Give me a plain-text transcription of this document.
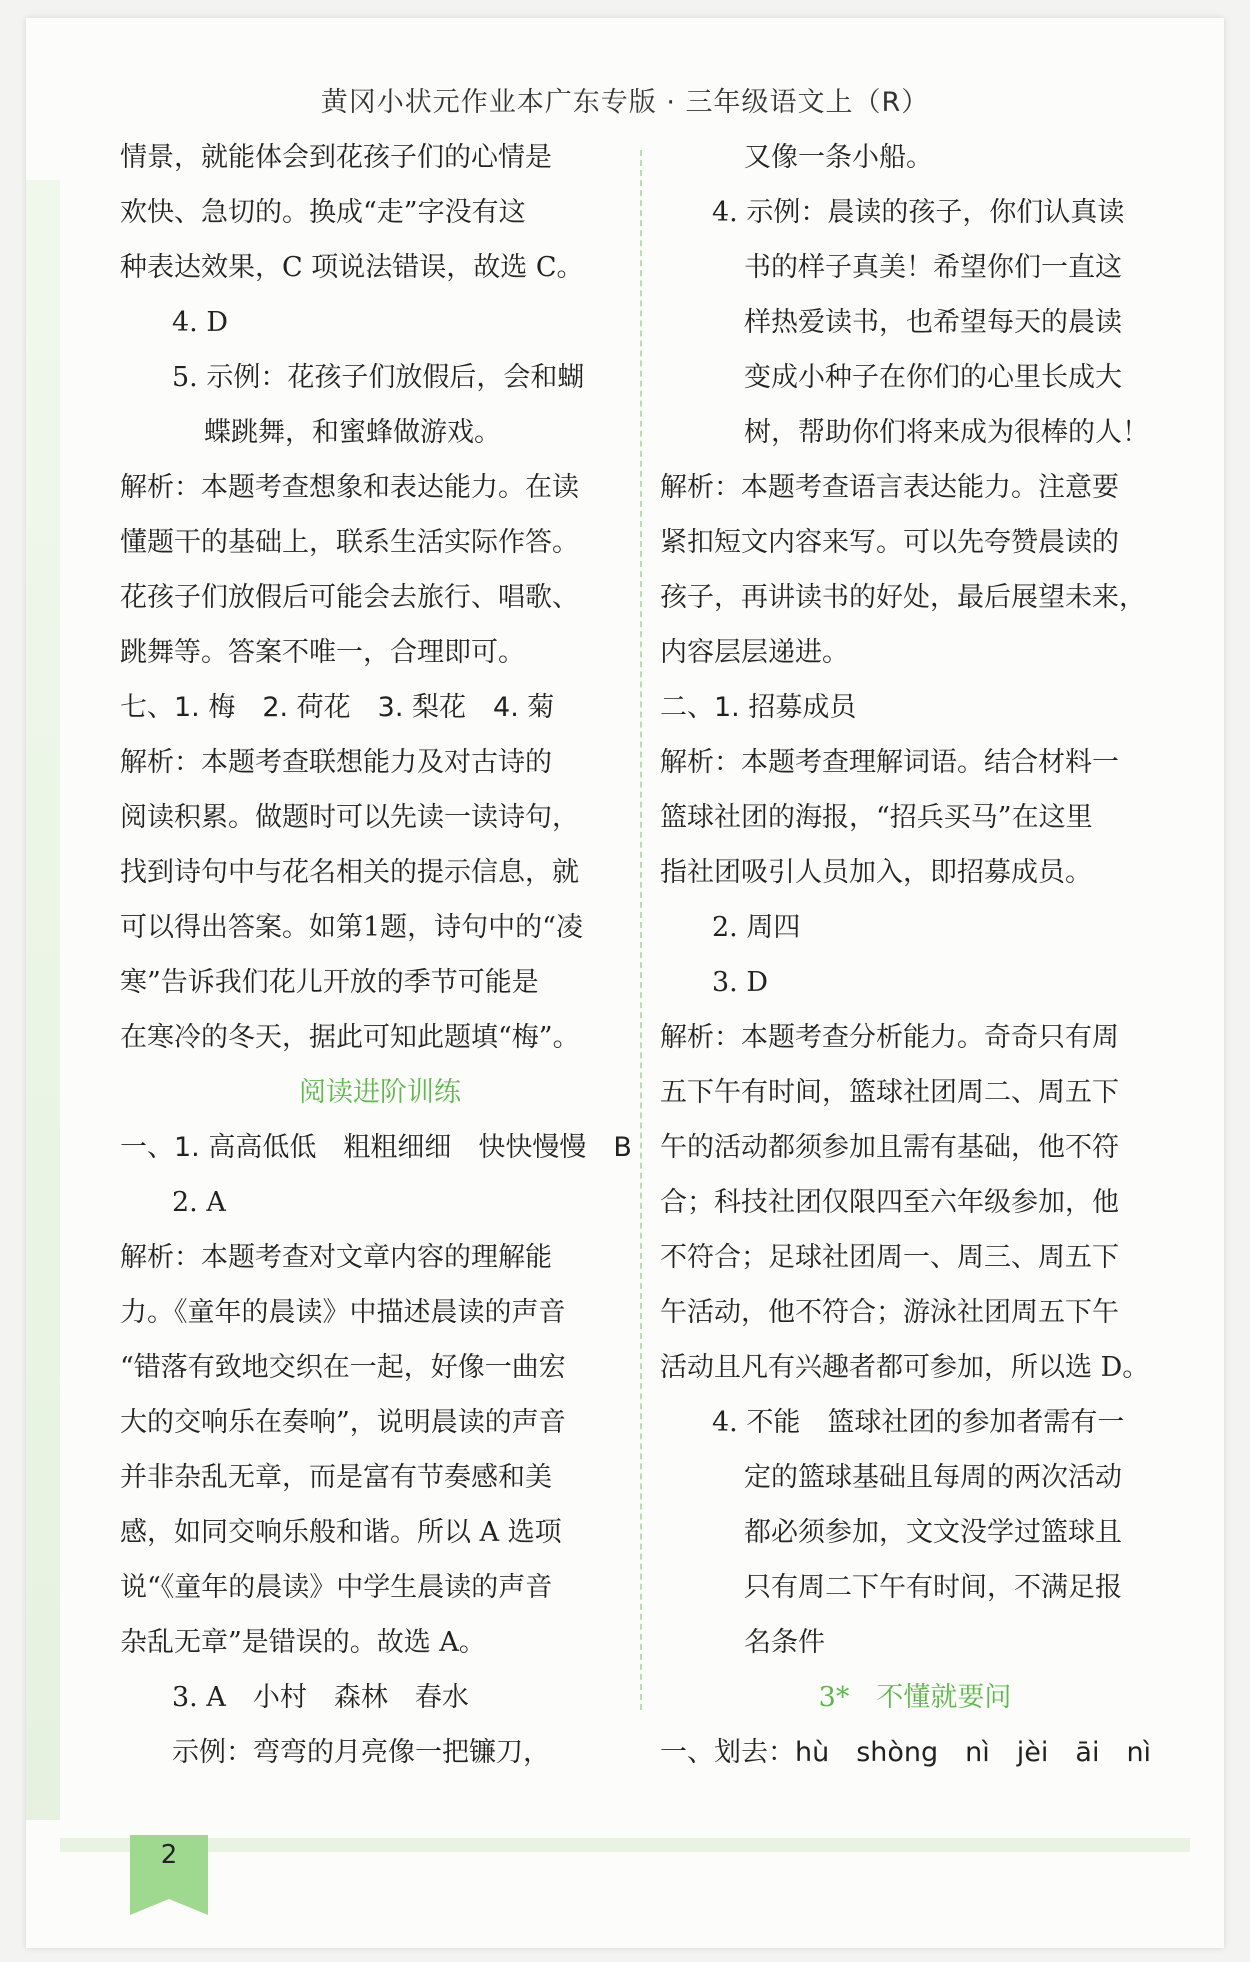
黄冈小状元作业本广东专版 · 三年级语文上（R）

情景，就能体会到花孩子们的心情是

欢快、急切的。换成“走”字没有这

种表达效果，C 项说法错误，故选 C。

4. D

5. 示例：花孩子们放假后，会和蝴

蝶跳舞，和蜜蜂做游戏。

解析：本题考查想象和表达能力。在读

懂题干的基础上，联系生活实际作答。

花孩子们放假后可能会去旅行、唱歌、

跳舞等。答案不唯一，合理即可。

七、1. 梅　2. 荷花　3. 梨花　4. 菊

解析：本题考查联想能力及对古诗的

阅读积累。做题时可以先读一读诗句，

找到诗句中与花名相关的提示信息，就

可以得出答案。如第1题，诗句中的“凌

寒”告诉我们花儿开放的季节可能是

在寒冷的冬天，据此可知此题填“梅”。

阅读进阶训练

一、1. 高高低低　粗粗细细　快快慢慢　B

2. A

解析：本题考查对文章内容的理解能

力。《童年的晨读》中描述晨读的声音

“错落有致地交织在一起，好像一曲宏

大的交响乐在奏响”，说明晨读的声音

并非杂乱无章，而是富有节奏感和美

感，如同交响乐般和谐。所以 A 选项

说“《童年的晨读》中学生晨读的声音

杂乱无章”是错误的。故选 A。

3. A　小村　森林　春水

示例：弯弯的月亮像一把镰刀，

又像一条小船。

4. 示例：晨读的孩子，你们认真读

书的样子真美！希望你们一直这

样热爱读书，也希望每天的晨读

变成小种子在你们的心里长成大

树，帮助你们将来成为很棒的人！

解析：本题考查语言表达能力。注意要

紧扣短文内容来写。可以先夸赞晨读的

孩子，再讲读书的好处，最后展望未来，

内容层层递进。

二、1. 招募成员

解析：本题考查理解词语。结合材料一

篮球社团的海报，“招兵买马”在这里

指社团吸引人员加入，即招募成员。

2. 周四

3. D

解析：本题考查分析能力。奇奇只有周

五下午有时间，篮球社团周二、周五下

午的活动都须参加且需有基础，他不符

合；科技社团仅限四至六年级参加，他

不符合；足球社团周一、周三、周五下

午活动，他不符合；游泳社团周五下午

活动且凡有兴趣者都可参加，所以选 D。

4. 不能　篮球社团的参加者需有一

定的篮球基础且每周的两次活动

都必须参加，文文没学过篮球且

只有周二下午有时间，不满足报

名条件

3*　不懂就要问

一、划去：hù　shòng　nì　jèi　āi　nì

2
